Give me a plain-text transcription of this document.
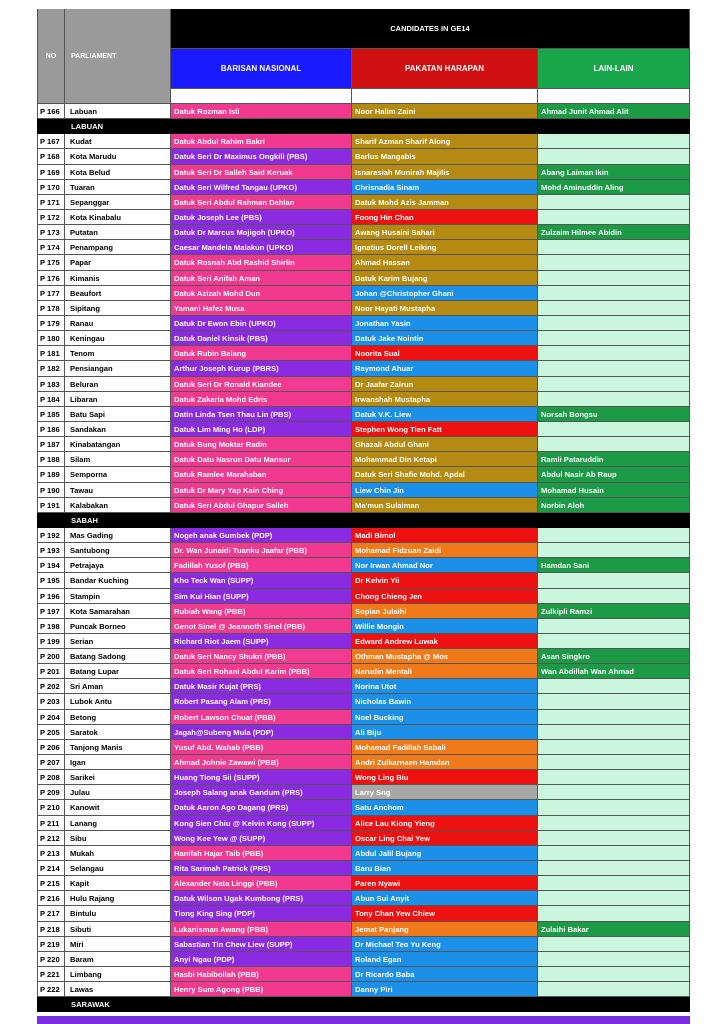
NO	PARLIAMENT
CANDIDATES IN GE14
BARISAN NASIONAL	PAKATAN HARAPAN	LAIN-LAIN
P 166	Labuan	Datuk Rozman Isli	Noor Halim Zaini	Ahmad Junit Ahmad Alit
LABUAN
P 167	Kudat	Datuk Abdul Rahim Bakri	Sharif Azman Sharif Along
P 168	Kota Marudu	Datuk Seri Dr Maximus Ongkili (PBS)	Barlus Mangabis
P 169	Kota Belud	Datuk Seri Dr Salleh Said Keruak	Isnarasiah Munirah Majilis	Abang Laiman Ikin
P 170	Tuaran	Datuk Seri Wilfred Tangau (UPKO)	Chrisnadia Sinam	Mohd Aminuddin Aling
P 171	Sepanggar	Datuk Seri Abdul Rahman Dahlan	Datuk Mohd Azis Jamman
P 172	Kota Kinabalu	Datuk Joseph Lee (PBS)	Foong Hin Chan
P 173	Putatan	Datuk Dr Marcus Mojigoh (UPKO)	Awang Husaini Sahari	Zulzaim Hilmee Abidin
P 174	Penampang	Caesar Mandela Malakun (UPKO)	Ignatius Dorell Leiking
P 175	Papar	Datuk Rosnah Abd Rashid Shirlin	Ahmad Hassan
P 176	Kimanis	Datuk Seri Anifah Aman	Datuk Karim Bujang
P 177	Beaufort	Datuk Azizah Mohd Dun	Johan @Christopher Ghani
P 178	Sipitang	Yamani Hafez Musa	Noor Hayati Mustapha
P 179	Ranau	Datuk Dr Ewon Ebin (UPKO)	Jonathan Yasin
P 180	Keningau	Datuk Daniel Kinsik (PBS)	Datuk Jake Nointin
P 181	Tenom	Datuk Rubin Balang	Noorita Sual
P 182	Pensiangan	Arthur Joseph Kurup (PBRS)	Raymond Ahuar
P 183	Beluran	Datuk Seri Dr Ronald Kiandee	Dr Jaafar Zairun
P 184	Libaran	Datuk Zakaria Mohd Edris	Irwanshah Mustapha
P 185	Batu Sapi	Datin Linda Tsen Thau Lin (PBS)	Datuk V.K. Liew	Norsah Bongsu
P 186	Sandakan	Datuk Lim Ming Ho (LDP)	Stephen Wong Tien Fatt
P 187	Kinabatangan	Datuk Bung Moktar Radin	Ghazali Abdul Ghani
P 188	Silam	Datuk Datu Nasrun Datu Mansur	Mohammad Din Ketapi	Ramli Pataruddin
P 189	Semporna	Datuk Ramlee Marahaban	Datuk Seri Shafie Mohd. Apdal	Abdul Nasir Ab Raup
P 190	Tawau	Datuk Dr Mary Yap Kain Ching	Liew Chin Jin	Mohamad Husain
P 191	Kalabakan	Datuk Seri Abdul Ghapur Salleh	Ma'mun Sulaiman	Norbin Aloh
SABAH
P 192	Mas Gading	Nogeh anak Gumbek (PDP)	Madi Bimol
P 193	Santubong	Dr. Wan Junaidi Tuanku Jaafar (PBB)	Mohamad Fidzuan Zaidi
P 194	Petrajaya	Fadillah Yusof (PBB)	Nor Irwan Ahmad Nor	Hamdan Sani
P 195	Bandar Kuching	Kho Teck Wan (SUPP)	Dr Kelvin Yii
P 196	Stampin	Sim Kui Hian (SUPP)	Chong Chieng Jen
P 197	Kota Samarahan	Rubiah Wang (PBB)	Sopian Julaihi	Zulkipli Ramzi
P 198	Puncak Borneo	Genot Sinel @ Jeannoth Sinel (PBB)	Willie Mongin
P 199	Serian	Richard Riot Jaem (SUPP)	Edward Andrew Luwak
P 200	Batang Sadong	Datuk Seri Nancy Shukri (PBB)	Othman Mustapha @ Mos	Asan Singkro
P 201	Batang Lupar	Datuk Seri Rohani Abdul Karim (PBB)	Narudin Mentali	Wan Abdillah Wan Ahmad
P 202	Sri Aman	Datuk Masir Kujat (PRS)	Norina Utot
P 203	Lubok Antu	Robert Pasang Alam (PRS)	Nicholas Bawin
P 204	Betong	Robert Lawson Chuat (PBB)	Noel Bucking
P 205	Saratok	Jagah@Subeng Mula (PDP)	Ali Biju
P 206	Tanjong Manis	Yusuf Abd. Wahab (PBB)	Mohamad Fadillah Sabali
P 207	Igan	Ahmad Johnie Zawawi (PBB)	Andri Zulkarnaen Hamdan
P 208	Sarikei	Huang Tiong Sii (SUPP)	Wong Ling Biu
P 209	Julau	Joseph Salang anak Gandum (PRS)	Larry Sng
P 210	Kanowit	Datuk Aaron Ago Dagang (PRS)	Satu Anchom
P 211	Lanang	Kong Sien Chiu @ Kelvin Kong (SUPP)	Alice Lau Kiong Yieng
P 212	Sibu	Wong Kee Yew @ (SUPP)	Oscar Ling Chai Yew
P 213	Mukah	Hanifah Hajar Taib (PBB)	Abdul Jalil Bujang
P 214	Selangau	Rita Sarimah Patrick (PRS)	Baru Bian
P 215	Kapit	Alexander Nata Linggi (PBB)	Paren Nyawi
P 216	Hulu Rajang	Datuk Wilson Ugak Kumbong (PRS)	Abun Sui Anyit
P 217	Bintulu	Tiong King Sing (PDP)	Tony Chan Yew Chiew
P 218	Sibuti	Lukanisman Awang (PBB)	Jemat Panjang	Zulaihi Bakar
P 219	Miri	Sabastian Tin Chew Liew (SUPP)	Dr Michael Teo Yu Keng
P 220	Baram	Anyi Ngau (PDP)	Roland Egan
P 221	Limbang	Hasbi Habibollah (PBB)	Dr Ricardo Baba
P 222	Lawas	Henry Sum Agong (PBB)	Danny Piri
SARAWAK
